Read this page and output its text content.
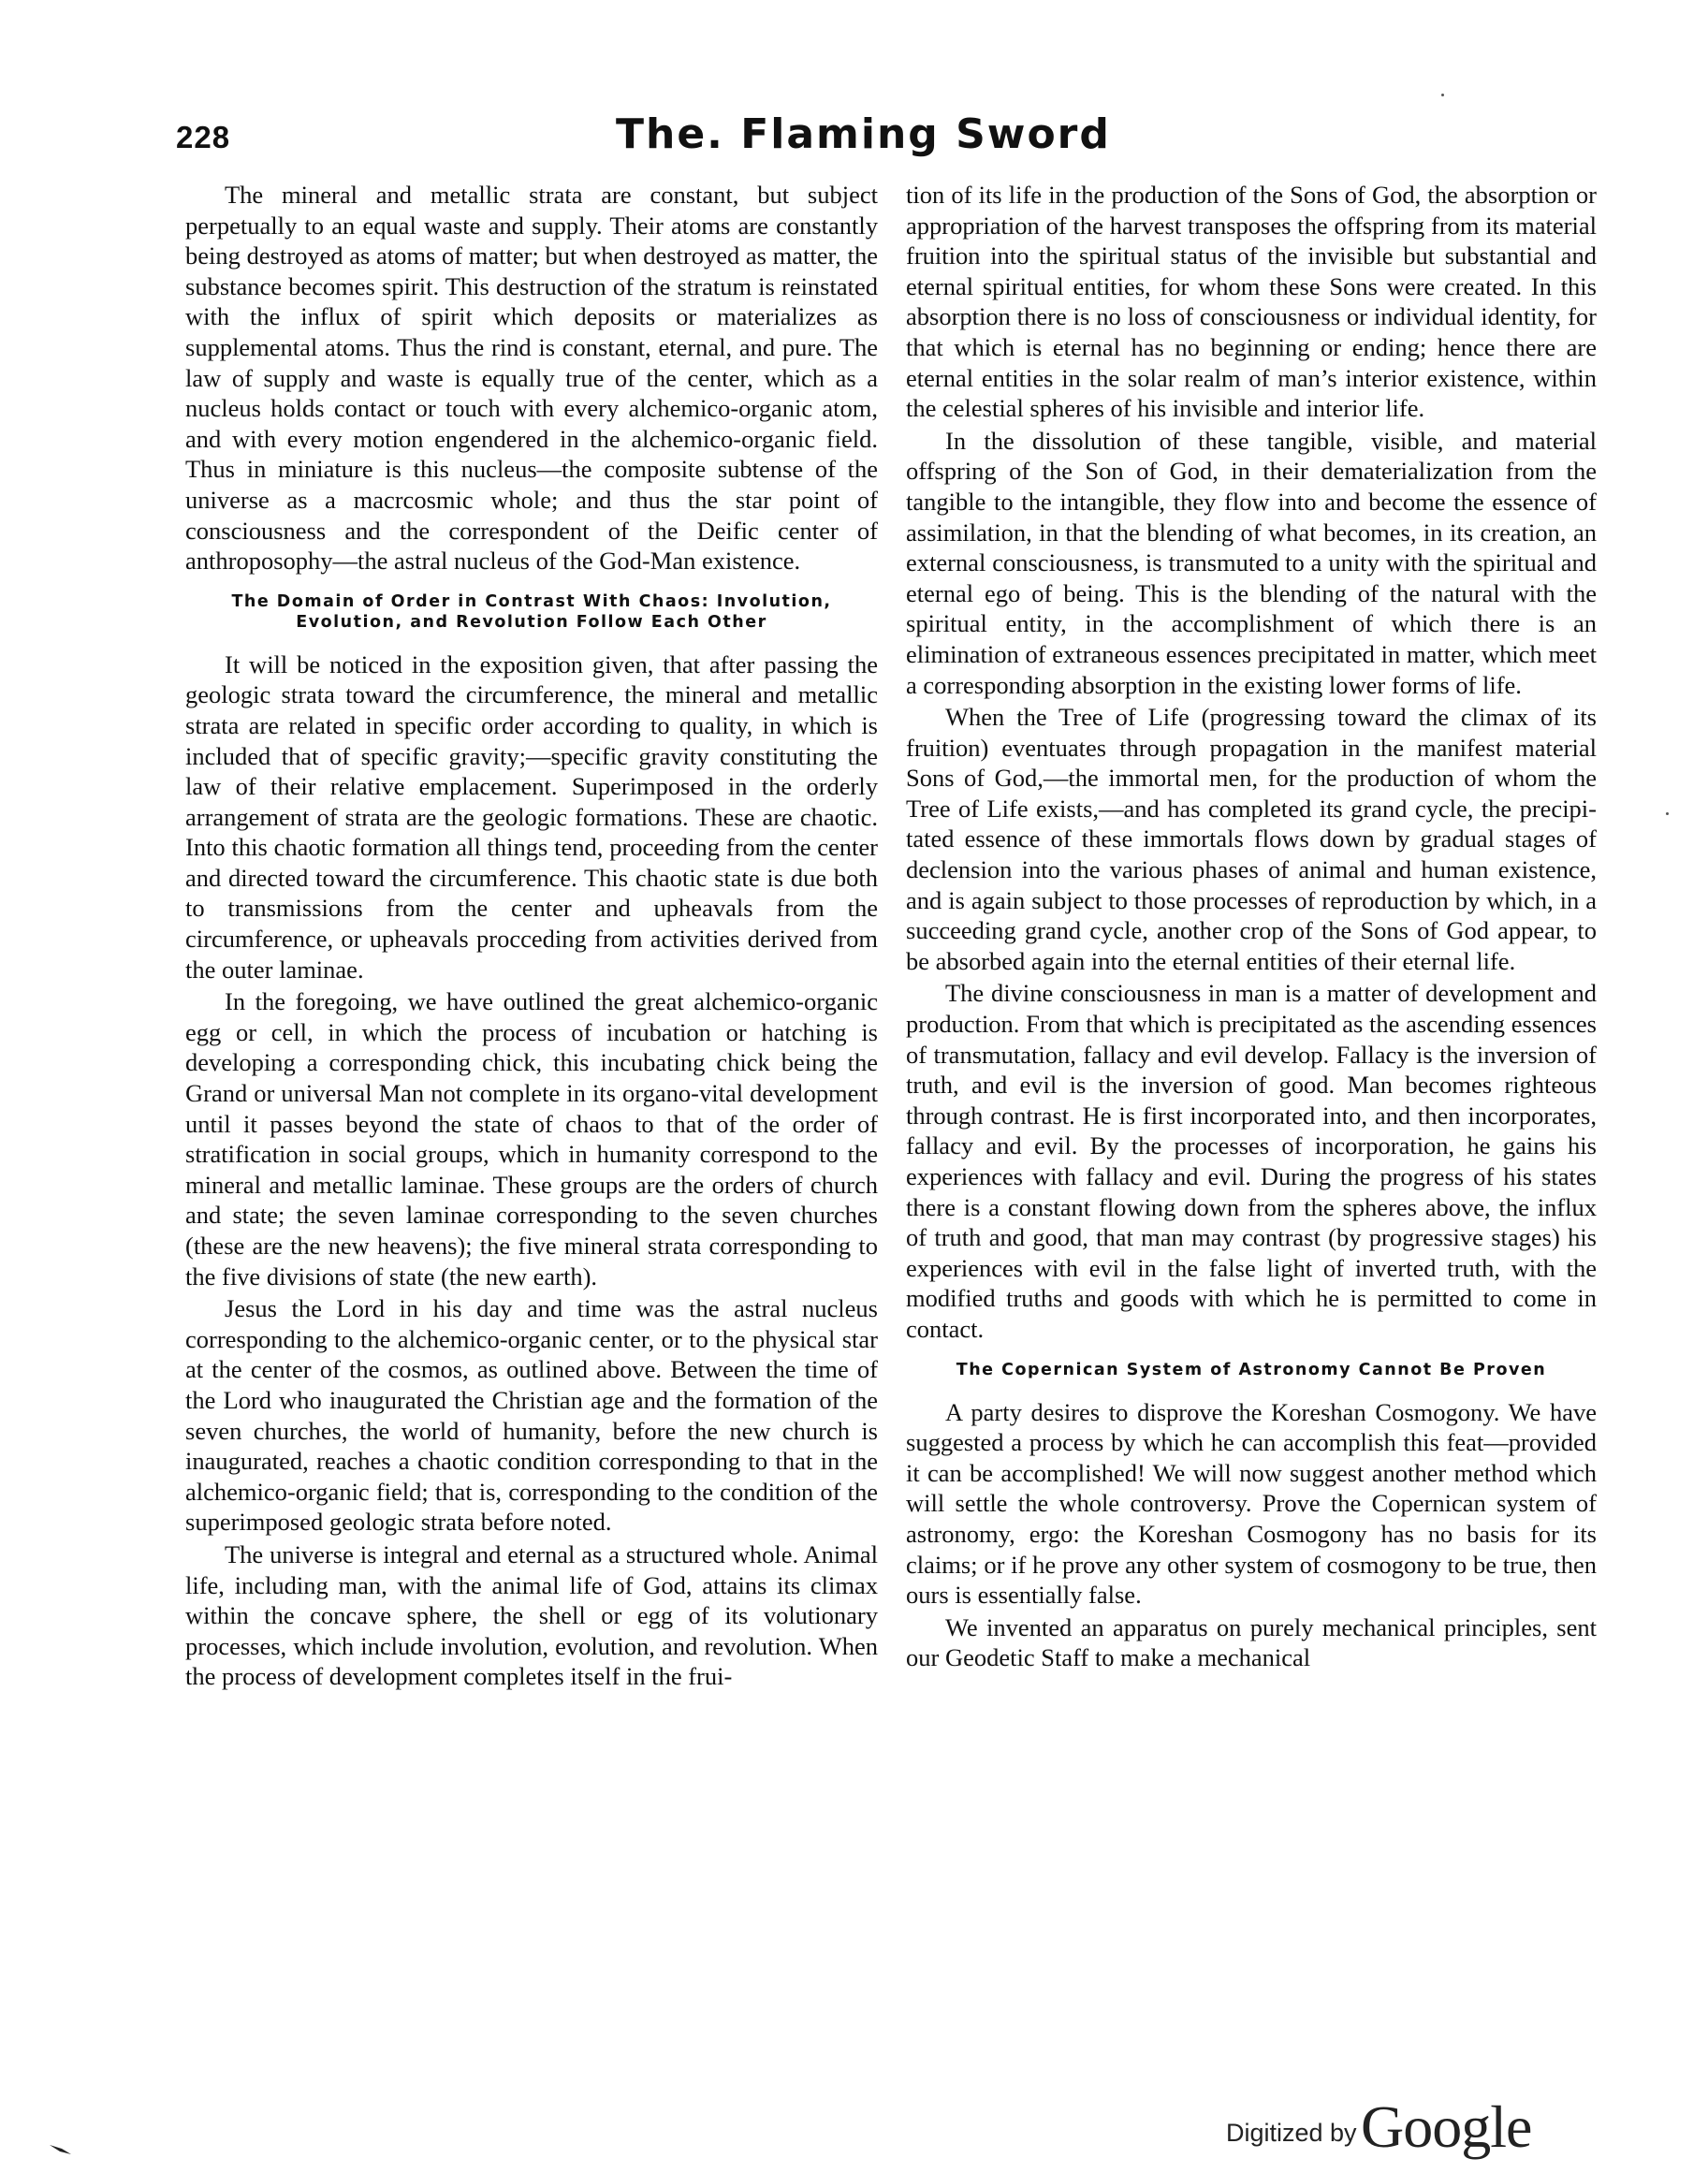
228	The. Flaming Sword

The mineral and metallic strata are constant, but subject perpetually to an equal waste and supply. Their atoms are constantly being destroyed as atoms of matter; but when destroyed as matter, the substance becomes spirit. This destruction of the stratum is reinstated with the influx of spirit which deposits or materializes as supplemental atoms. Thus the rind is constant, eternal, and pure. The law of supply and waste is equally true of the center, which as a nucleus holds contact or touch with every alchemico-organic atom, and with every motion engendered in the alchemico-organic field. Thus in miniature is this nucleus—the composite subtense of the universe as a macrcosmic whole; and thus the star point of consciousness and the correspondent of the Deific center of anthroposophy—the astral nucleus of the God-Man existence.

The Domain of Order in Contrast With Chaos: Involution, Evolution, and Revolution Follow Each Other

It will be noticed in the exposition given, that after passing the geologic strata toward the circumference, the mineral and metallic strata are related in specific order according to quality, in which is included that of specific gravity;—specific gravity constituting the law of their relative emplacement. Superimposed in the orderly arrangement of strata are the geologic formations. These are chaotic. Into this chaotic formation all things tend, proceeding from the center and directed toward the circumference. This chaotic state is due both to transmissions from the center and upheavals from the circumference, or upheavals procceding from activities derived from the outer laminae.

In the foregoing, we have outlined the great alchemico-organic egg or cell, in which the process of incubation or hatching is developing a corresponding chick, this incubating chick being the Grand or universal Man not complete in its organo-vital development until it passes beyond the state of chaos to that of the order of stratification in social groups, which in humanity correspond to the mineral and metallic laminae. These groups are the orders of church and state; the seven laminae corresponding to the seven churches (these are the new heavens); the five mineral strata corresponding to the five divisions of state (the new earth).

Jesus the Lord in his day and time was the astral nucleus corresponding to the alchemico-organic center, or to the physical star at the center of the cosmos, as outlined above. Between the time of the Lord who inaugurated the Christian age and the formation of the seven churches, the world of humanity, before the new church is inaugurated, reaches a chaotic condition corresponding to that in the alchemico-organic field; that is, corresponding to the condition of the superimposed geologic strata before noted.

The universe is integral and eternal as a structured whole. Animal life, including man, with the animal life of God, attains its climax within the concave sphere, the shell or egg of its volutionary processes, which include involution, evolution, and revolution. When the process of development completes itself in the frui-

tion of its life in the production of the Sons of God, the absorption or appropriation of the harvest transposes the offspring from its material fruition into the spiritual status of the invisible but substantial and eternal spiritual entities, for whom these Sons were created. In this absorption there is no loss of consciousness or individual identity, for that which is eternal has no beginning or ending; hence there are eternal entities in the solar realm of man’s interior existence, within the celestial spheres of his invisible and interior life.

In the dissolution of these tangible, visible, and material offspring of the Son of God, in their dematerialization from the tangible to the intangible, they flow into and become the essence of assimilation, in that the blending of what becomes, in its creation, an external consciousness, is transmuted to a unity with the spiritual and eternal ego of being. This is the blending of the natural with the spiritual entity, in the accomplishment of which there is an elimination of extraneous essences precipitated in matter, which meet a corresponding absorption in the existing lower forms of life.

When the Tree of Life (progressing toward the climax of its fruition) eventuates through propagation in the manifest material Sons of God,—the immortal men, for the production of whom the Tree of Life exists,—and has completed its grand cycle, the precipitated essence of these immortals flows down by gradual stages of declension into the various phases of animal and human existence, and is again subject to those processes of reproduction by which, in a succeeding grand cycle, another crop of the Sons of God appear, to be absorbed again into the eternal entities of their eternal life.

The divine consciousness in man is a matter of development and production. From that which is precipitated as the ascending essences of transmutation, fallacy and evil develop. Fallacy is the inversion of truth, and evil is the inversion of good. Man becomes righteous through contrast. He is first incorporated into, and then incorporates, fallacy and evil. By the processes of incorporation, he gains his experiences with fallacy and evil. During the progress of his states there is a constant flowing down from the spheres above, the influx of truth and good, that man may contrast (by progressive stages) his experiences with evil in the false light of inverted truth, with the modified truths and goods with which he is permitted to come in contact.

The Copernican System of Astronomy Cannot Be Proven

A party desires to disprove the Koreshan Cosmogony. We have suggested a process by which he can accomplish this feat—provided it can be accomplished! We will now suggest another method which will settle the whole controversy. Prove the Copernican system of astronomy, ergo: the Koreshan Cosmogony has no basis for its claims; or if he prove any other system of cosmogony to be true, then ours is essentially false.

We invented an apparatus on purely mechanical principles, sent our Geodetic Staff to make a mechanical

Digitized by Google
